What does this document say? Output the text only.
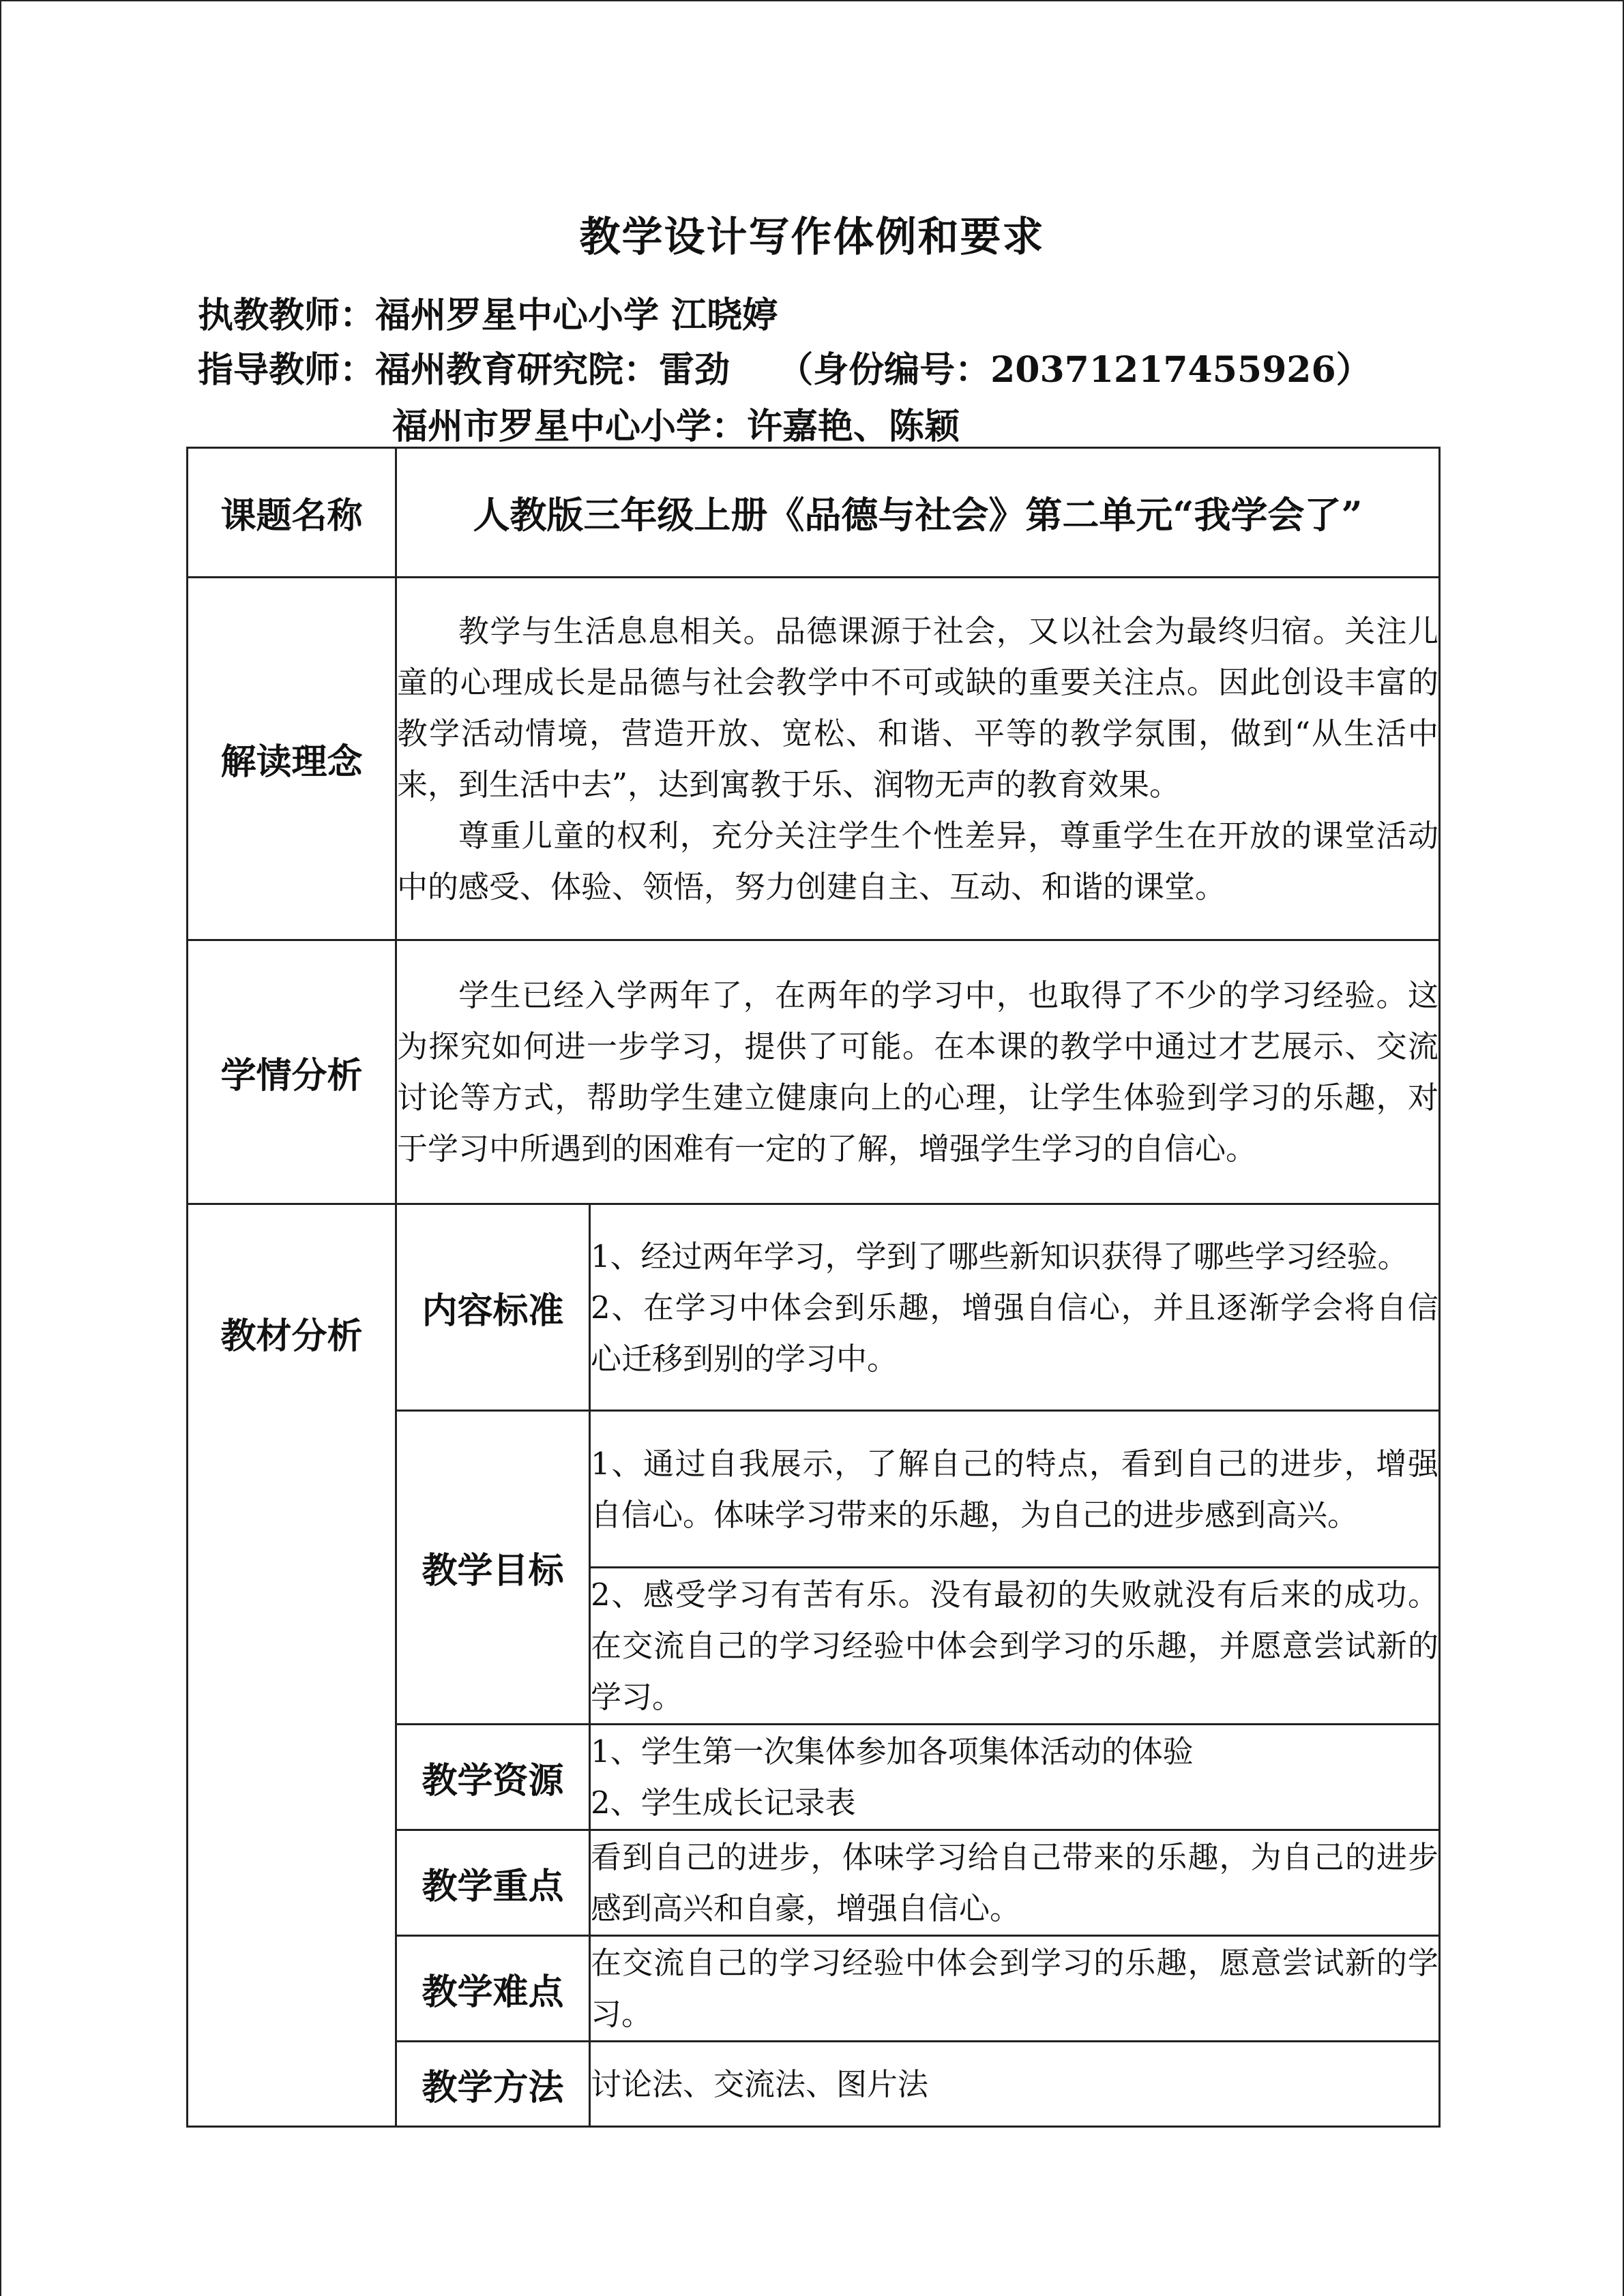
教学设计写作体例和要求
执教教师：福州罗星中心小学 江晓婷
指导教师：福州教育研究院：雷劲　 （身份编号：20371217455926）
福州市罗星中心小学：许嘉艳、陈颖
课题名称	人教版三年级上册《品德与社会》第二单元“我学会了”	
解读理念	教学与生活息息相关。品德课源于社会，又以社会为最终归宿。关注儿童的心理成长是品德与社会教学中不可或缺的重要关注点。因此创设丰富的教学活动情境，营造开放、宽松、和谐、平等的教学氛围，做到“从生活中来，到生活中去”，达到寓教于乐、润物无声的教育效果。

尊重儿童的权利，充分关注学生个性差异，尊重学生在开放的课堂活动中的感受、体验、领悟，努力创建自主、互动、和谐的课堂。	

学情分析	学生已经入学两年了，在两年的学习中，也取得了不少的学习经验。这为探究如何进一步学习，提供了可能。在本课的教学中通过才艺展示、交流讨论等方式，帮助学生建立健康向上的心理，让学生体验到学习的乐趣，对于学习中所遇到的困难有一定的了解，增强学生学习的自信心。	

教材分析	内容标准	1、经过两年学习，学到了哪些新知识获得了哪些学习经验。
2、在学习中体会到乐趣，增强自信心，并且逐渐学会将自信心迁移到别的学习中。

	教学目标	1、通过自我展示，了解自己的特点，看到自己的进步，增强自信心。体味学习带来的乐趣，为自己的进步感到高兴。
		2、感受学习有苦有乐。没有最初的失败就没有后来的成功。在交流自己的学习经验中体会到学习的乐趣，并愿意尝试新的学习。
	教学资源	1、学生第一次集体参加各项集体活动的体验
2、学生成长记录表

	教学重点	看到自己的进步，体味学习给自己带来的乐趣，为自己的进步感到高兴和自豪，增强自信心。
	教学难点	在交流自己的学习经验中体会到学习的乐趣，愿意尝试新的学习。
	教学方法	讨论法、交流法、图片法
